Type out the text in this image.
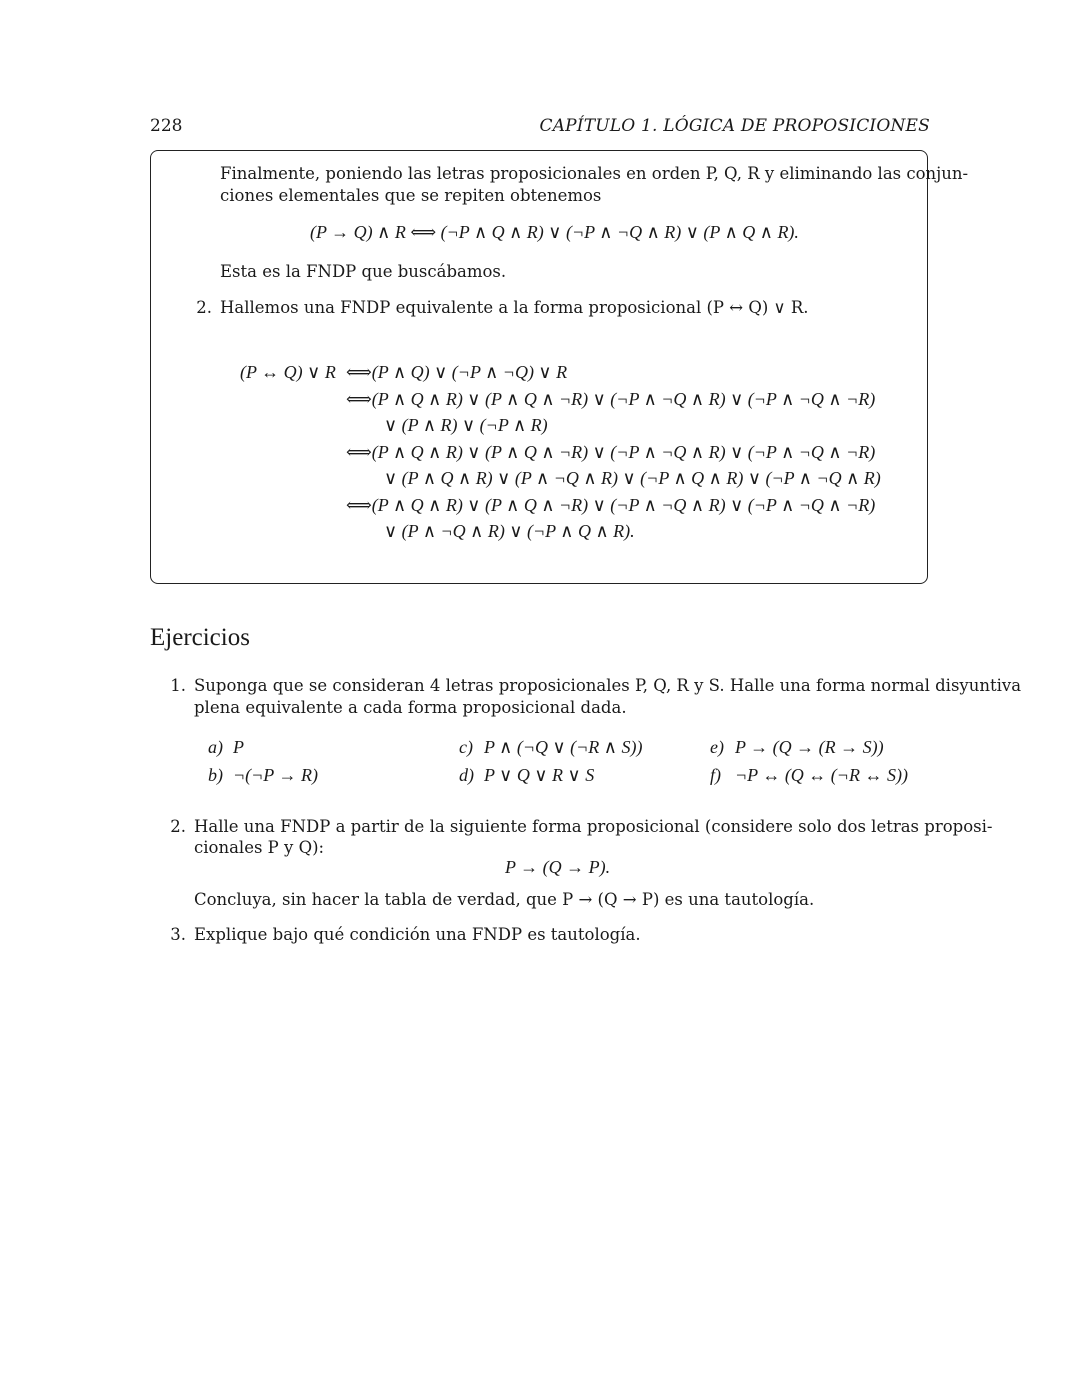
228	CAPÍTULO 1. LÓGICA DE PROPOSICIONES
Finalmente, poniendo las letras proposicionales en orden P, Q, R y eliminando las conjun-
ciones elementales que se repiten obtenemos
(P → Q) ∧ R ⟺ (¬P ∧ Q ∧ R) ∨ (¬P ∧ ¬Q ∧ R) ∨ (P ∧ Q ∧ R).
Esta es la FNDP que buscábamos.
2. Hallemos una FNDP equivalente a la forma proposicional (P ↔ Q) ∨ R.
(P ↔ Q) ∨ R ⟺(P ∧ Q) ∨ (¬P ∧ ¬Q) ∨ R
⟺(P ∧ Q ∧ R) ∨ (P ∧ Q ∧ ¬R) ∨ (¬P ∧ ¬Q ∧ R) ∨ (¬P ∧ ¬Q ∧ ¬R)
∨ (P ∧ R) ∨ (¬P ∧ R)
⟺(P ∧ Q ∧ R) ∨ (P ∧ Q ∧ ¬R) ∨ (¬P ∧ ¬Q ∧ R) ∨ (¬P ∧ ¬Q ∧ ¬R)
∨ (P ∧ Q ∧ R) ∨ (P ∧ ¬Q ∧ R) ∨ (¬P ∧ Q ∧ R) ∨ (¬P ∧ ¬Q ∧ R)
⟺(P ∧ Q ∧ R) ∨ (P ∧ Q ∧ ¬R) ∨ (¬P ∧ ¬Q ∧ R) ∨ (¬P ∧ ¬Q ∧ ¬R)
∨ (P ∧ ¬Q ∧ R) ∨ (¬P ∧ Q ∧ R).
Ejercicios
1. Suponga que se consideran 4 letras proposicionales P, Q, R y S. Halle una forma normal disyuntiva
plena equivalente a cada forma proposicional dada.
a) P
b) ¬(¬P → R)
c) P ∧ (¬Q ∨ (¬R ∧ S))
d) P ∨ Q ∨ R ∨ S
e) P → (Q → (R → S))
f) ¬P ↔ (Q ↔ (¬R ↔ S))
2. Halle una FNDP a partir de la siguiente forma proposicional (considere solo dos letras proposi-
cionales P y Q):
P → (Q → P).
Concluya, sin hacer la tabla de verdad, que P → (Q → P) es una tautología.
3. Explique bajo qué condición una FNDP es tautología.
